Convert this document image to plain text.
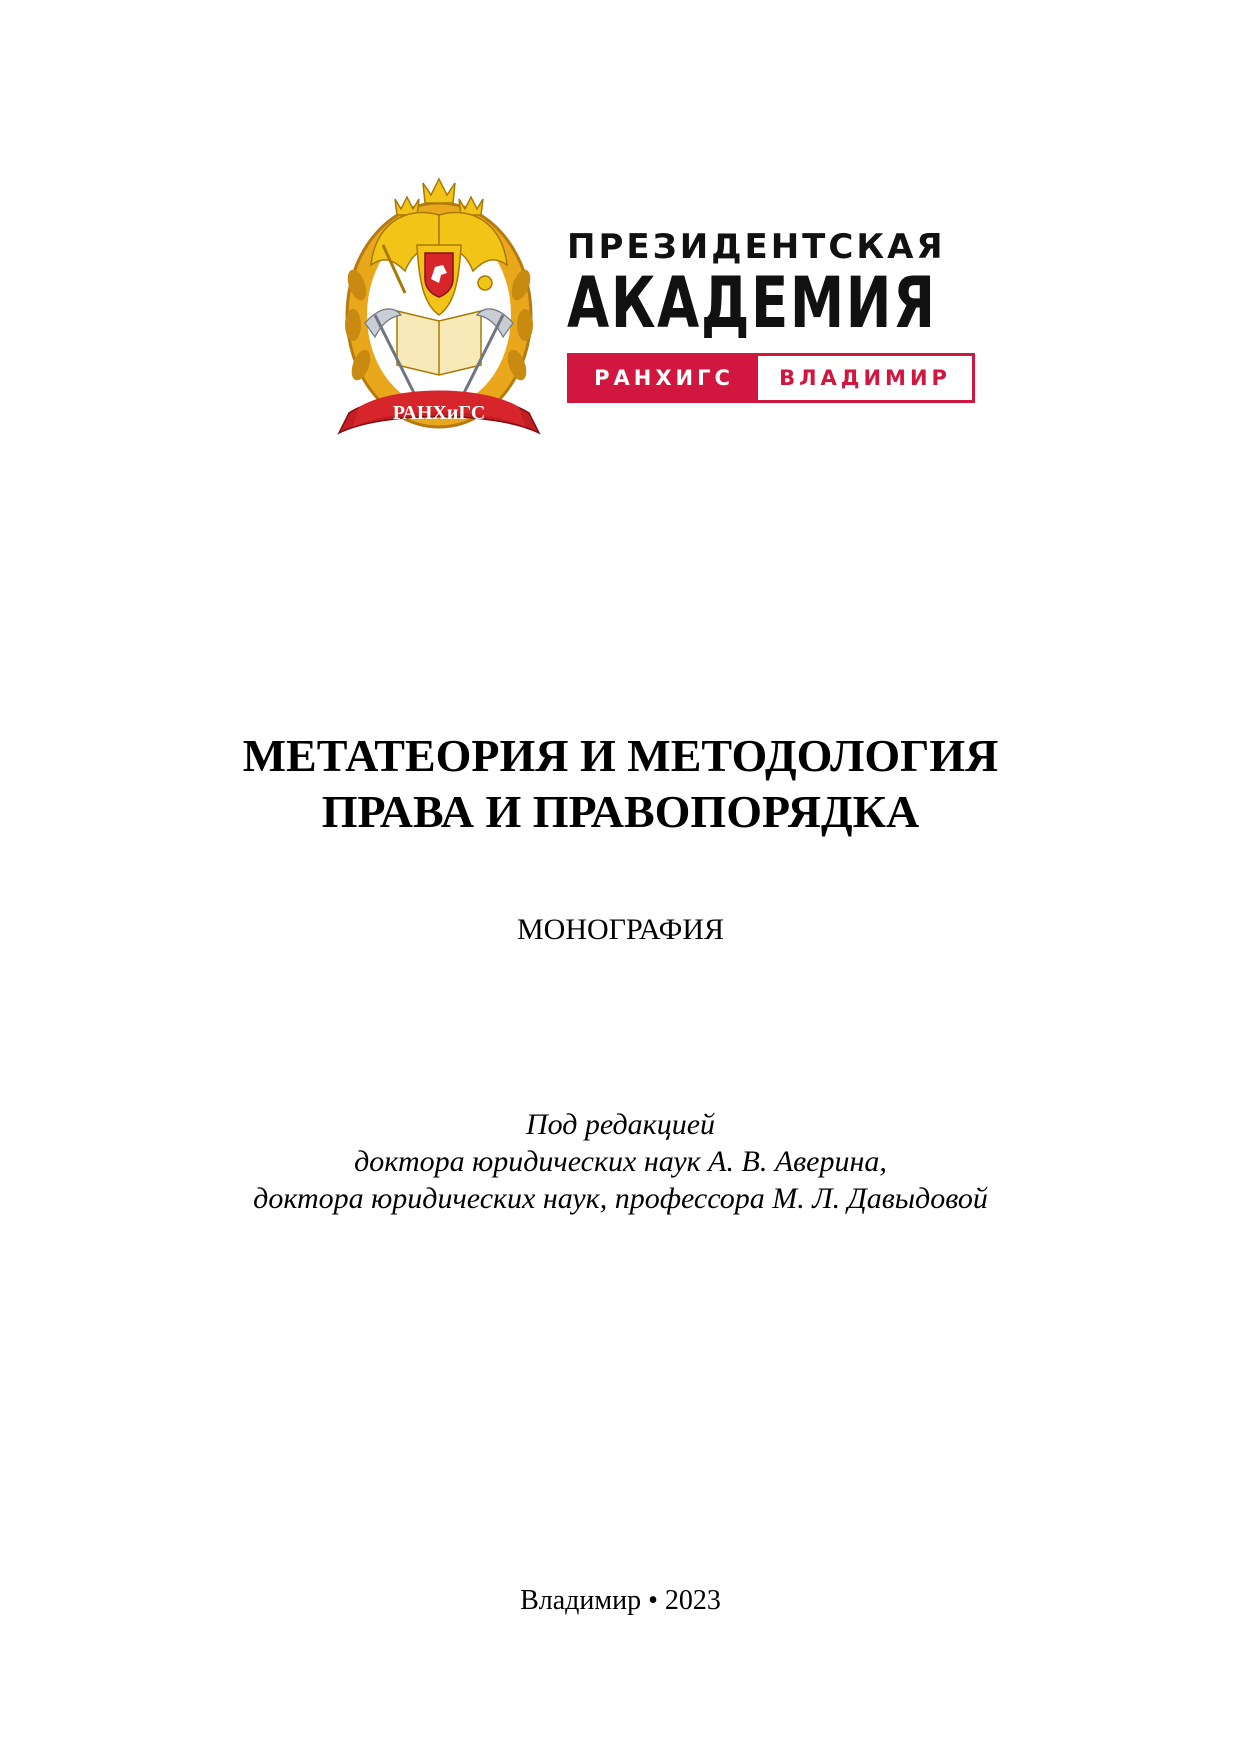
РАНХиГС
ПРЕЗИДЕНТСКАЯ
АКАДЕМИЯ
РАНХИГС	ВЛАДИМИР
МЕТАТЕОРИЯ И МЕТОДОЛОГИЯ
ПРАВА И ПРАВОПОРЯДКА
МОНОГРАФИЯ
Под редакцией
доктора юридических наук А. В. Аверина,
доктора юридических наук, профессора М. Л. Давыдовой
Владимир • 2023
